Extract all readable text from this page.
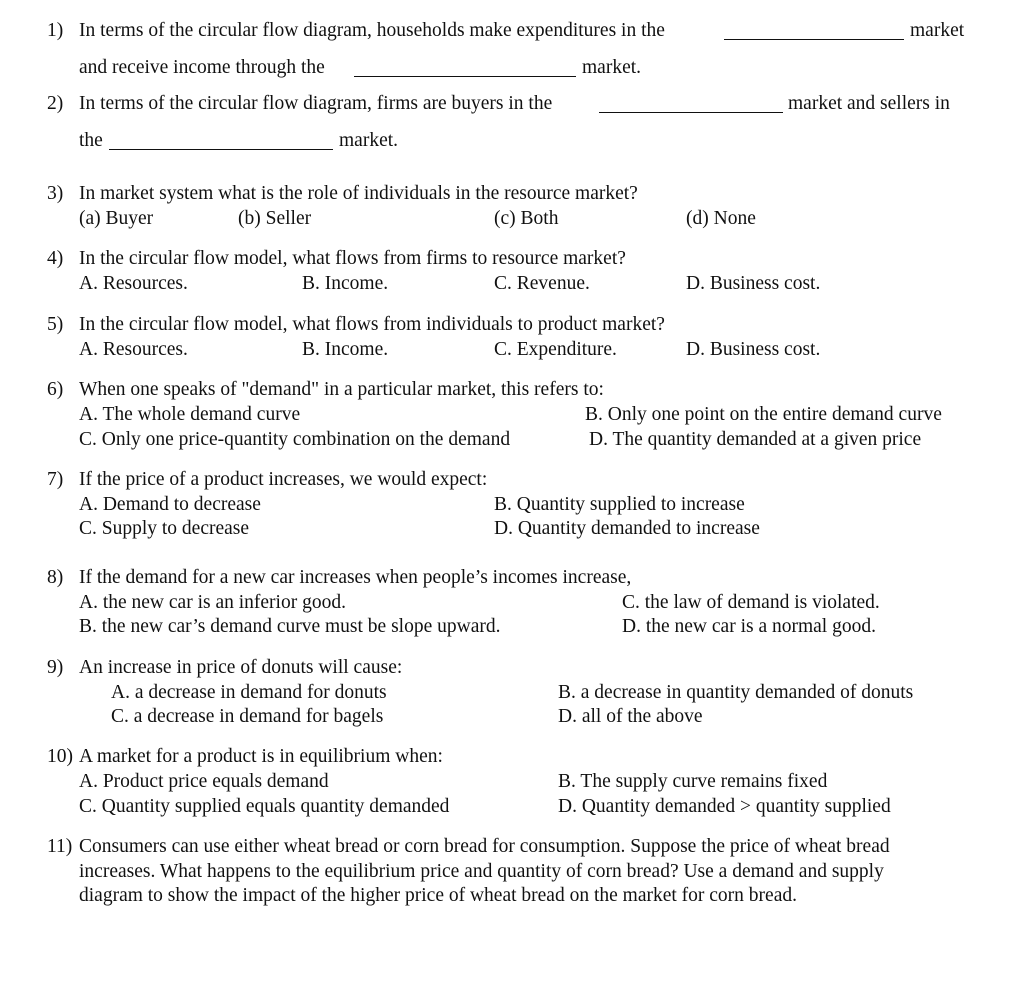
1) In terms of the circular flow diagram, households make expenditures in the	market
and receive income through the	market.
2) In terms of the circular flow diagram, firms are buyers in the	market and sellers in
the	market.
3) In market system what is the role of individuals in the resource market?
(a) Buyer	(b) Seller	(c) Both	(d) None
4) In the circular flow model, what flows from firms to resource market?
A. Resources.	B. Income.	C. Revenue.	D. Business cost.
5) In the circular flow model, what flows from individuals to product market?
A. Resources.	B. Income.	C. Expenditure.	D. Business cost.
6) When one speaks of "demand" in a particular market, this refers to:
A. The whole demand curve	B. Only one point on the entire demand curve
C. Only one price-quantity combination on the demand	D. The quantity demanded at a given price
7) If the price of a product increases, we would expect:
A. Demand to decrease	B. Quantity supplied to increase
C. Supply to decrease	D. Quantity demanded to increase
8) If the demand for a new car increases when people’s incomes increase,
A. the new car is an inferior good.	C. the law of demand is violated.
B. the new car’s demand curve must be slope upward.	D. the new car is a normal good.
9) An increase in price of donuts will cause:
A. a decrease in demand for donuts	B. a decrease in quantity demanded of donuts
C. a decrease in demand for bagels	D. all of the above
10) A market for a product is in equilibrium when:
A. Product price equals demand	B. The supply curve remains fixed
C. Quantity supplied equals quantity demanded	D. Quantity demanded > quantity supplied
11) Consumers can use either wheat bread or corn bread for consumption. Suppose the price of wheat bread
increases. What happens to the equilibrium price and quantity of corn bread? Use a demand and supply
diagram to show the impact of the higher price of wheat bread on the market for corn bread.
